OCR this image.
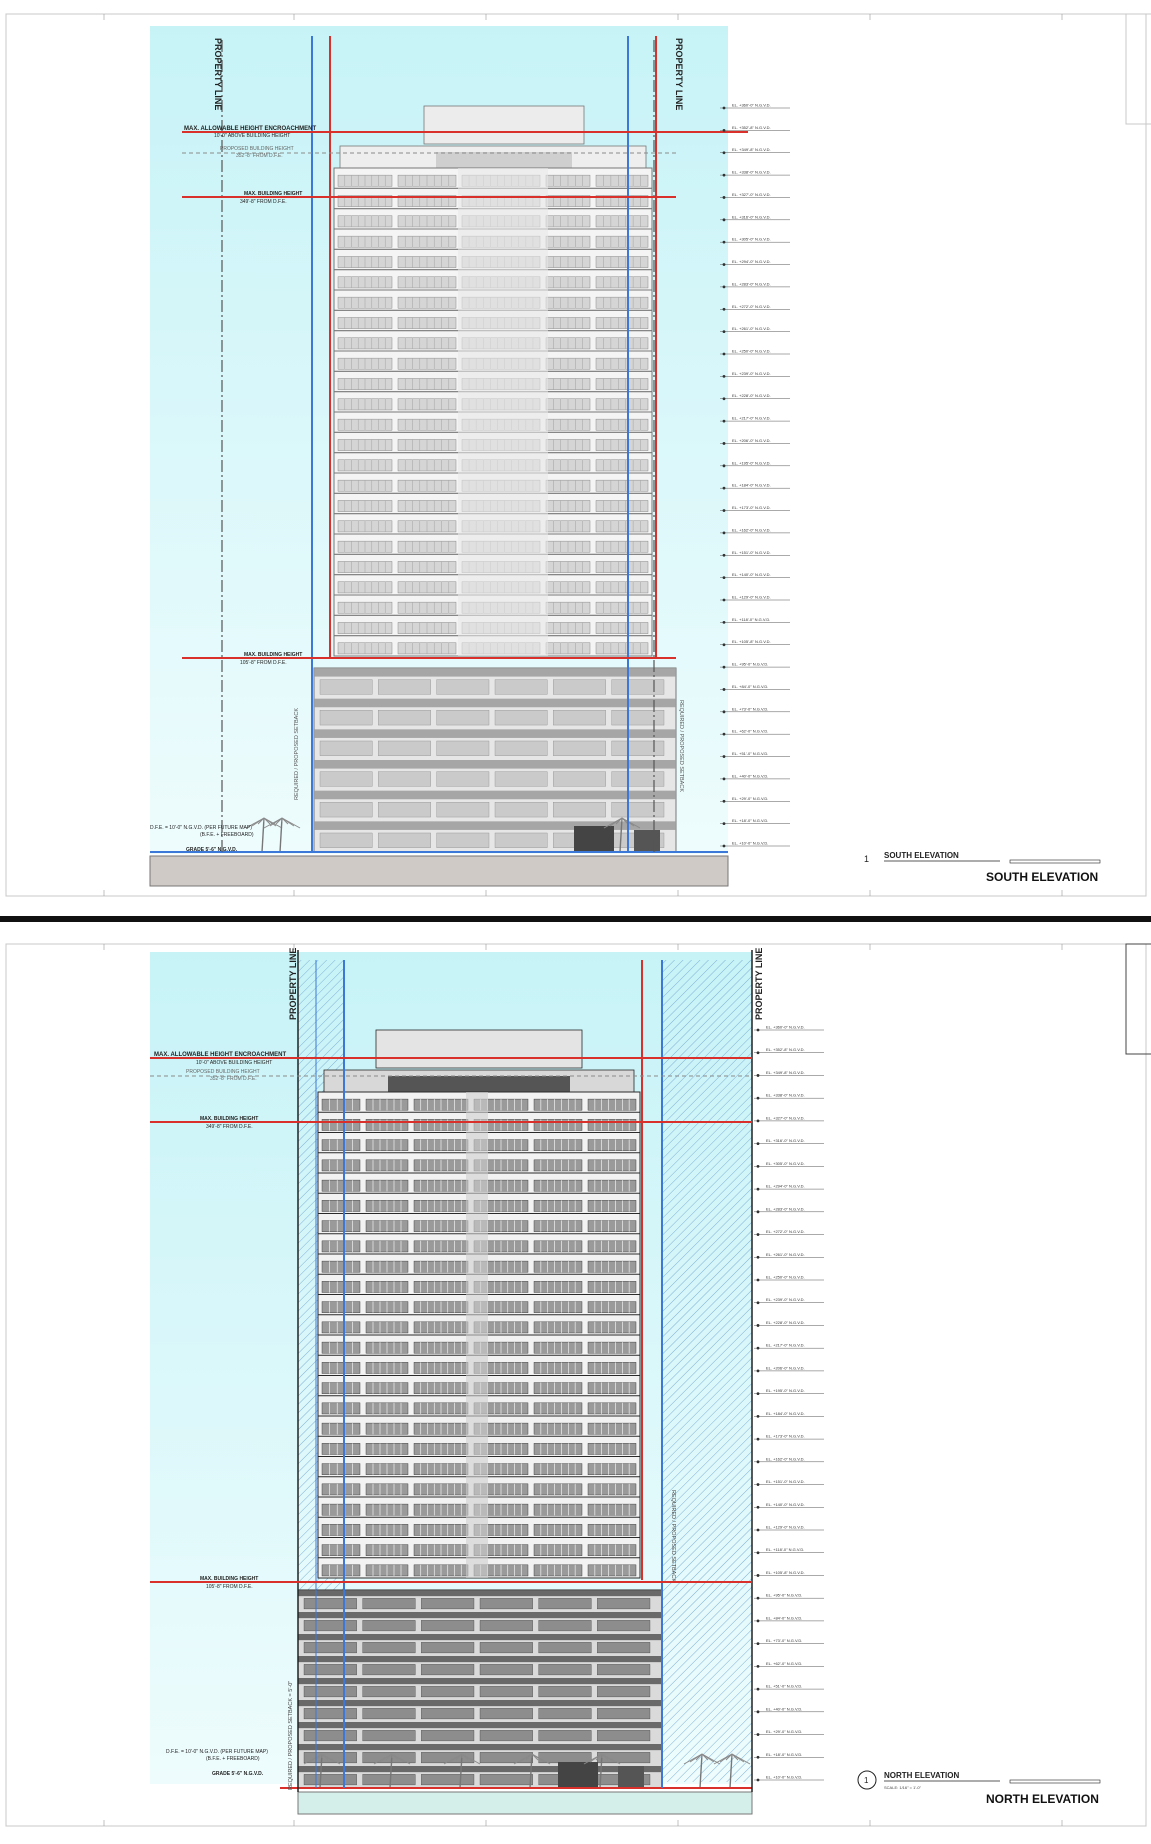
PROPERTY LINE	PROPERTY LINE
REQUIRED / PROPOSED SETBACK	REQUIRED / PROPOSED SETBACK
MAX. ALLOWABLE HEIGHT ENCROACHMENT
10'-0" ABOVE BUILDING HEIGHT
PROPOSED BUILDING HEIGHT
352'-8" FROM D.F.E.
MAX. BUILDING HEIGHT
349'-8" FROM D.F.E.
MAX. BUILDING HEIGHT
105'-8" FROM D.F.E.
D.F.E. = 10'-0" N.G.V.D. (PER FUTURE MAP)
(B.F.E. + FREEBOARD)
GRADE 5'-6" N.G.V.D.
EL. +360'-0" N.G.V.D.
EL. +352'-8" N.G.V.D.
EL. +349'-8" N.G.V.D.
EL. +338'-0" N.G.V.D.
EL. +327'-0" N.G.V.D.
EL. +316'-0" N.G.V.D.
EL. +305'-0" N.G.V.D.
EL. +294'-0" N.G.V.D.
EL. +283'-0" N.G.V.D.
EL. +272'-0" N.G.V.D.
EL. +261'-0" N.G.V.D.
EL. +250'-0" N.G.V.D.
EL. +239'-0" N.G.V.D.
EL. +228'-0" N.G.V.D.
EL. +217'-0" N.G.V.D.
EL. +206'-0" N.G.V.D.
EL. +195'-0" N.G.V.D.
EL. +184'-0" N.G.V.D.
EL. +173'-0" N.G.V.D.
EL. +162'-0" N.G.V.D.
EL. +151'-0" N.G.V.D.
EL. +140'-0" N.G.V.D.
EL. +129'-0" N.G.V.D.
EL. +118'-0" N.G.V.D.
EL. +105'-8" N.G.V.D.
EL. +95'-0" N.G.V.D.
EL. +84'-0" N.G.V.D.
EL. +73'-0" N.G.V.D.
EL. +62'-0" N.G.V.D.
EL. +51'-0" N.G.V.D.
EL. +40'-0" N.G.V.D.
EL. +29'-0" N.G.V.D.
EL. +18'-0" N.G.V.D.
EL. +10'-0" N.G.V.D.
1 SOUTH ELEVATION
SOUTH ELEVATION
PROPERTY LINE	PROPERTY LINE
REQUIRED / PROPOSED SETBACK = 5'-0"
REQUIRED / PROPOSED SETBACK
MAX. ALLOWABLE HEIGHT ENCROACHMENT
10'-0" ABOVE BUILDING HEIGHT
PROPOSED BUILDING HEIGHT
352'-8" FROM D.F.E.
MAX. BUILDING HEIGHT
349'-8" FROM D.F.E.
MAX. BUILDING HEIGHT
105'-8" FROM D.F.E.
D.F.E. = 10'-0" N.G.V.D. (PER FUTURE MAP)
(B.F.E. + FREEBOARD)
GRADE 5'-6" N.G.V.D.
EL. +360'-0" N.G.V.D.
EL. +352'-8" N.G.V.D.
EL. +349'-8" N.G.V.D.
EL. +338'-0" N.G.V.D.
EL. +327'-0" N.G.V.D.
EL. +316'-0" N.G.V.D.
EL. +305'-0" N.G.V.D.
EL. +294'-0" N.G.V.D.
EL. +283'-0" N.G.V.D.
EL. +272'-0" N.G.V.D.
EL. +261'-0" N.G.V.D.
EL. +250'-0" N.G.V.D.
EL. +239'-0" N.G.V.D.
EL. +228'-0" N.G.V.D.
EL. +217'-0" N.G.V.D.
EL. +206'-0" N.G.V.D.
EL. +195'-0" N.G.V.D.
EL. +184'-0" N.G.V.D.
EL. +173'-0" N.G.V.D.
EL. +162'-0" N.G.V.D.
EL. +151'-0" N.G.V.D.
EL. +140'-0" N.G.V.D.
EL. +129'-0" N.G.V.D.
EL. +118'-0" N.G.V.D.
EL. +105'-8" N.G.V.D.
EL. +95'-0" N.G.V.D.
EL. +84'-0" N.G.V.D.
EL. +73'-0" N.G.V.D.
EL. +62'-0" N.G.V.D.
EL. +51'-0" N.G.V.D.
EL. +40'-0" N.G.V.D.
EL. +29'-0" N.G.V.D.
EL. +18'-0" N.G.V.D.
EL. +10'-0" N.G.V.D.	1
NORTH ELEVATION
SCALE: 1/16" = 1'-0"
NORTH ELEVATION
